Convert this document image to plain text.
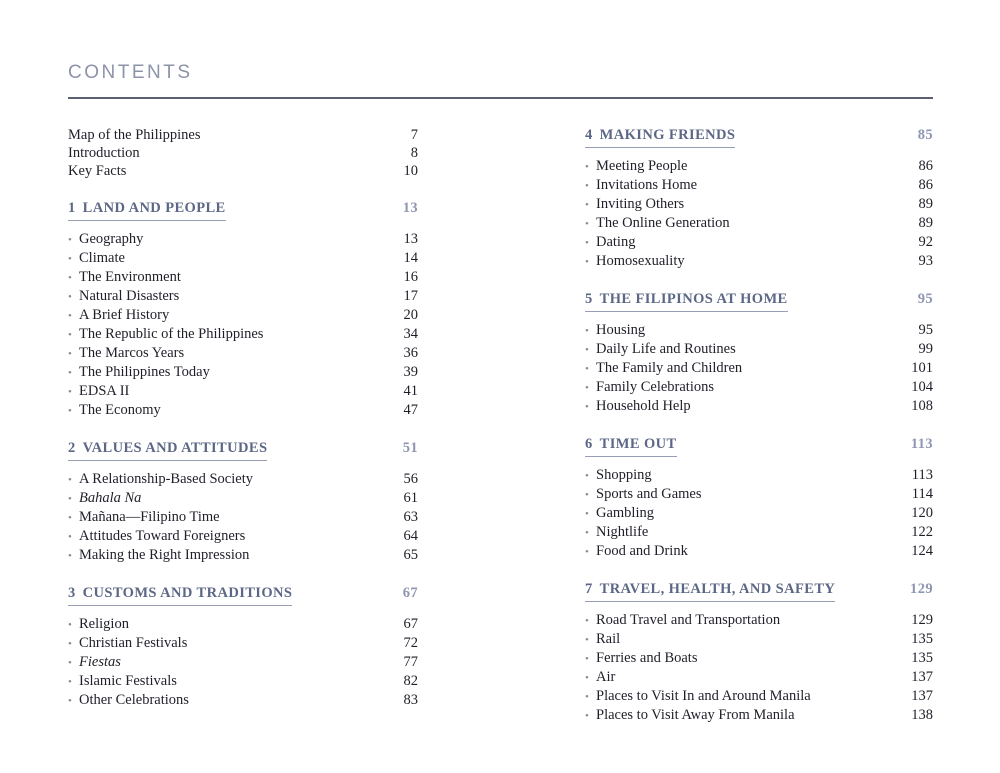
CONTENTS
Map of the Philippines	7
Introduction	8
Key Facts	10
1 LAND AND PEOPLE	13
• Geography	13
• Climate	14
• The Environment	16
• Natural Disasters	17
• A Brief History	20
• The Republic of the Philippines	34
• The Marcos Years	36
• The Philippines Today	39
• EDSA II	41
• The Economy	47
2 VALUES AND ATTITUDES	51
• A Relationship-Based Society	56
• Bahala Na	61
• Mañana—Filipino Time	63
• Attitudes Toward Foreigners	64
• Making the Right Impression	65
3 CUSTOMS AND TRADITIONS	67
• Religion	67
• Christian Festivals	72
• Fiestas	77
• Islamic Festivals	82
• Other Celebrations	83
4 MAKING FRIENDS	85
• Meeting People	86
• Invitations Home	86
• Inviting Others	89
• The Online Generation	89
• Dating	92
• Homosexuality	93
5 THE FILIPINOS AT HOME	95
• Housing	95
• Daily Life and Routines	99
• The Family and Children	101
• Family Celebrations	104
• Household Help	108
6 TIME OUT	113
• Shopping	113
• Sports and Games	114
• Gambling	120
• Nightlife	122
• Food and Drink	124
7 TRAVEL, HEALTH, AND SAFETY	129
• Road Travel and Transportation	129
• Rail	135
• Ferries and Boats	135
• Air	137
• Places to Visit In and Around Manila	137
• Places to Visit Away From Manila	138
